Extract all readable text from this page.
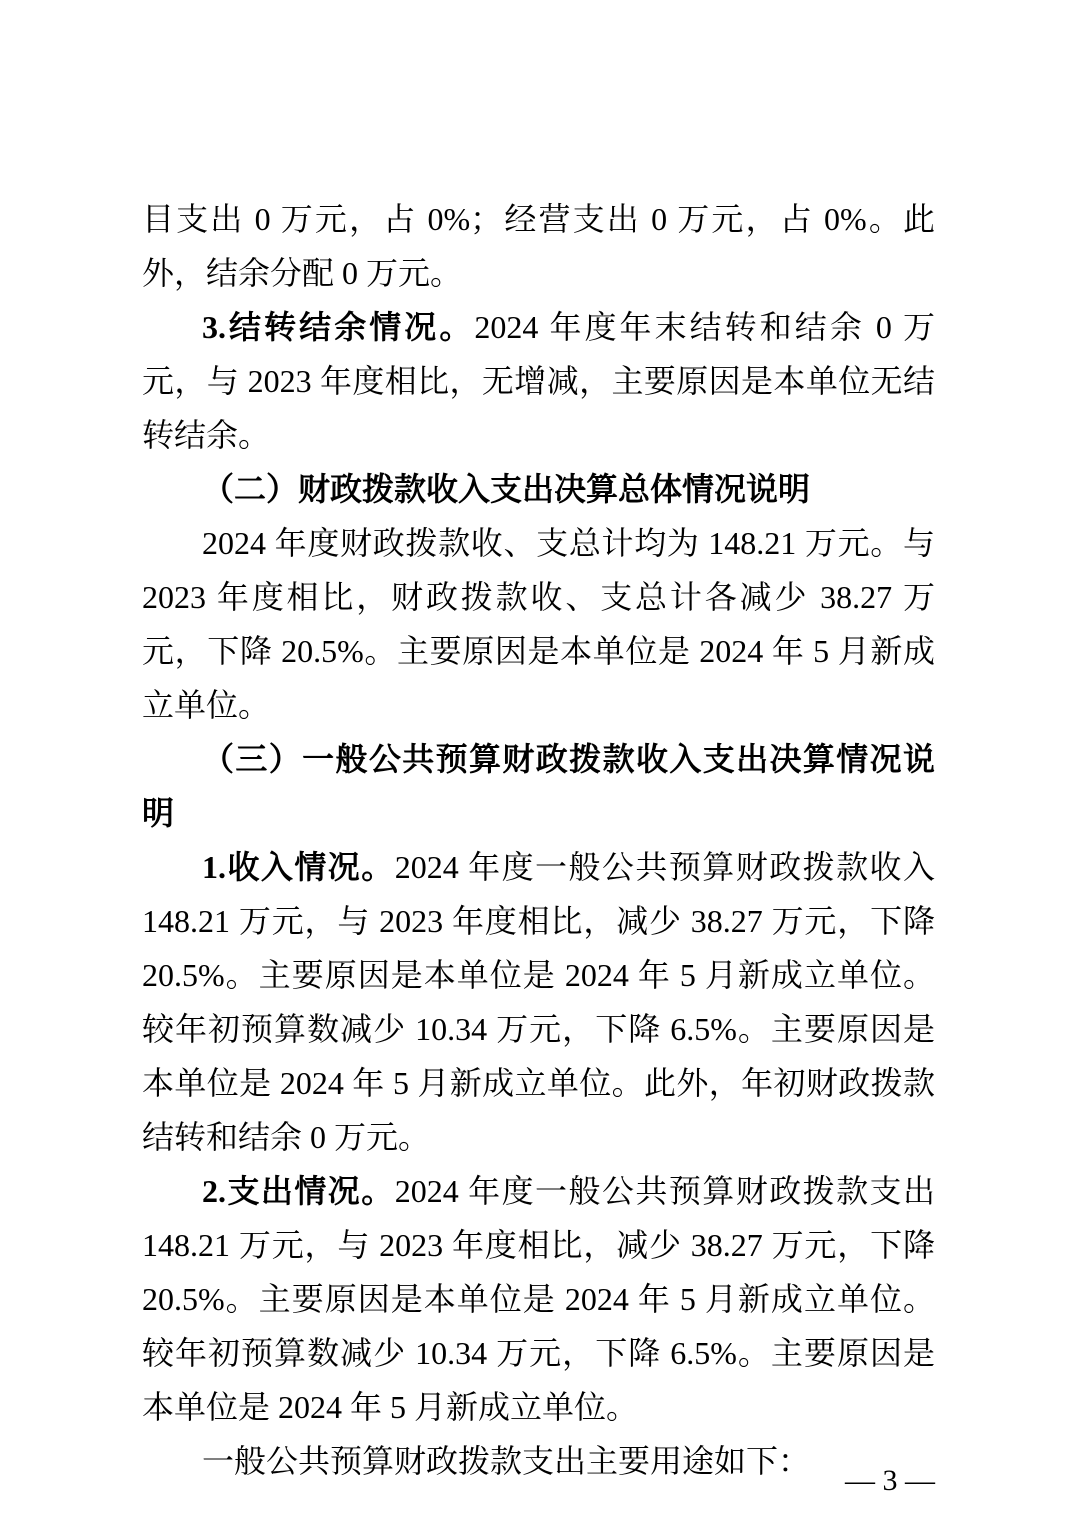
目支出 0 万元，占 0%；经营支出 0 万元，占 0%。此外，结余分配 0 万元。

3.结转结余情况。2024 年度年末结转和结余 0 万元，与 2023 年度相比，无增减，主要原因是本单位无结转结余。

（二）财政拨款收入支出决算总体情况说明

2024 年度财政拨款收、支总计均为 148.21 万元。与 2023 年度相比，财政拨款收、支总计各减少 38.27 万元，下降 20.5%。主要原因是本单位是 2024 年 5 月新成立单位。

（三）一般公共预算财政拨款收入支出决算情况说明

1.收入情况。2024 年度一般公共预算财政拨款收入 148.21 万元，与 2023 年度相比，减少 38.27 万元，下降 20.5%。主要原因是本单位是 2024 年 5 月新成立单位。较年初预算数减少 10.34 万元，下降 6.5%。主要原因是本单位是 2024 年 5 月新成立单位。此外，年初财政拨款结转和结余 0 万元。

2.支出情况。2024 年度一般公共预算财政拨款支出 148.21 万元，与 2023 年度相比，减少 38.27 万元，下降 20.5%。主要原因是本单位是 2024 年 5 月新成立单位。较年初预算数减少 10.34 万元，下降 6.5%。主要原因是本单位是 2024 年 5 月新成立单位。

一般公共预算财政拨款支出主要用途如下：

— 3 —
